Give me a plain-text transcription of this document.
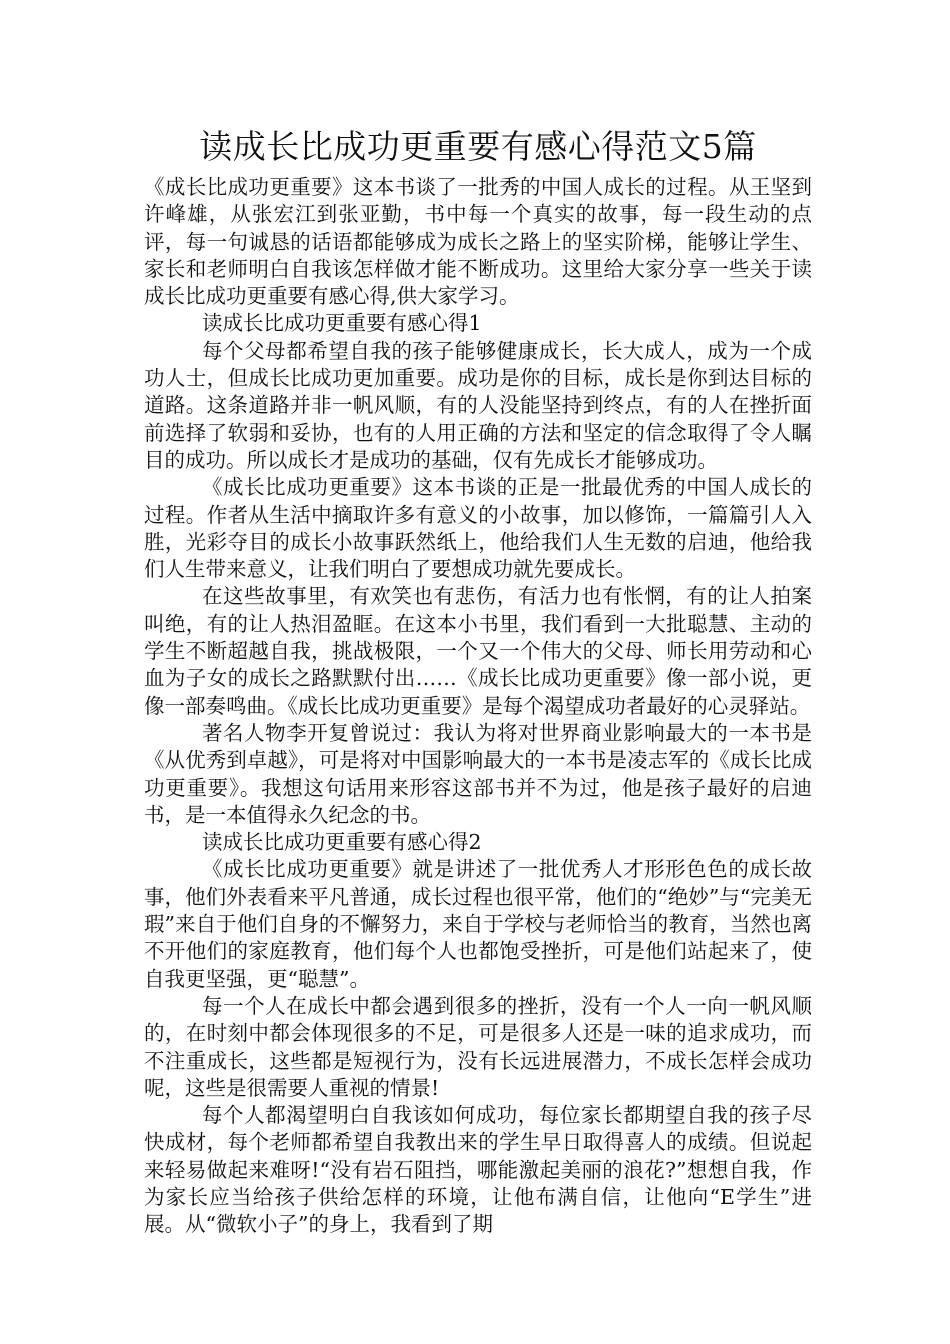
读成长比成功更重要有感心得范文5篇

《成长比成功更重要》这本书谈了一批秀的中国人成长的过程。从王坚到许峰雄，从张宏江到张亚勤，书中每一个真实的故事，每一段生动的点评，每一句诚恳的话语都能够成为成长之路上的坚实阶梯，能够让学生、家长和老师明白自我该怎样做才能不断成功。这里给大家分享一些关于读成长比成功更重要有感心得,供大家学习。

读成长比成功更重要有感心得1

每个父母都希望自我的孩子能够健康成长，长大成人，成为一个成功人士，但成长比成功更加重要。成功是你的目标，成长是你到达目标的道路。这条道路并非一帆风顺，有的人没能坚持到终点，有的人在挫折面前选择了软弱和妥协，也有的人用正确的方法和坚定的信念取得了令人瞩目的成功。所以成长才是成功的基础，仅有先成长才能够成功。

《成长比成功更重要》这本书谈的正是一批最优秀的中国人成长的过程。作者从生活中摘取许多有意义的小故事，加以修饰，一篇篇引人入胜，光彩夺目的成长小故事跃然纸上，他给我们人生无数的启迪，他给我们人生带来意义，让我们明白了要想成功就先要成长。

在这些故事里，有欢笑也有悲伤，有活力也有怅惘，有的让人拍案叫绝，有的让人热泪盈眶。在这本小书里，我们看到一大批聪慧、主动的学生不断超越自我，挑战极限，一个又一个伟大的父母、师长用劳动和心血为子女的成长之路默默付出……《成长比成功更重要》像一部小说，更像一部奏鸣曲。《成长比成功更重要》是每个渴望成功者最好的心灵驿站。

著名人物李开复曾说过：我认为将对世界商业影响最大的一本书是《从优秀到卓越》，可是将对中国影响最大的一本书是凌志军的《成长比成功更重要》。我想这句话用来形容这部书并不为过，他是孩子最好的启迪书，是一本值得永久纪念的书。

读成长比成功更重要有感心得2

《成长比成功更重要》就是讲述了一批优秀人才形形色色的成长故事，他们外表看来平凡普通，成长过程也很平常，他们的“绝妙”与“完美无瑕”来自于他们自身的不懈努力，来自于学校与老师恰当的教育，当然也离不开他们的家庭教育，他们每个人也都饱受挫折，可是他们站起来了，使自我更坚强，更“聪慧”。

每一个人在成长中都会遇到很多的挫折，没有一个人一向一帆风顺的，在时刻中都会体现很多的不足，可是很多人还是一味的追求成功，而不注重成长，这些都是短视行为，没有长远进展潜力，不成长怎样会成功呢，这些是很需要人重视的情景!

每个人都渴望明白自我该如何成功，每位家长都期望自我的孩子尽快成材，每个老师都希望自我教出来的学生早日取得喜人的成绩。但说起来轻易做起来难呀!“没有岩石阻挡，哪能激起美丽的浪花?”想想自我，作为家长应当给孩子供给怎样的环境，让他布满自信，让他向“E学生”进展。从“微软小子”的身上，我看到了期
